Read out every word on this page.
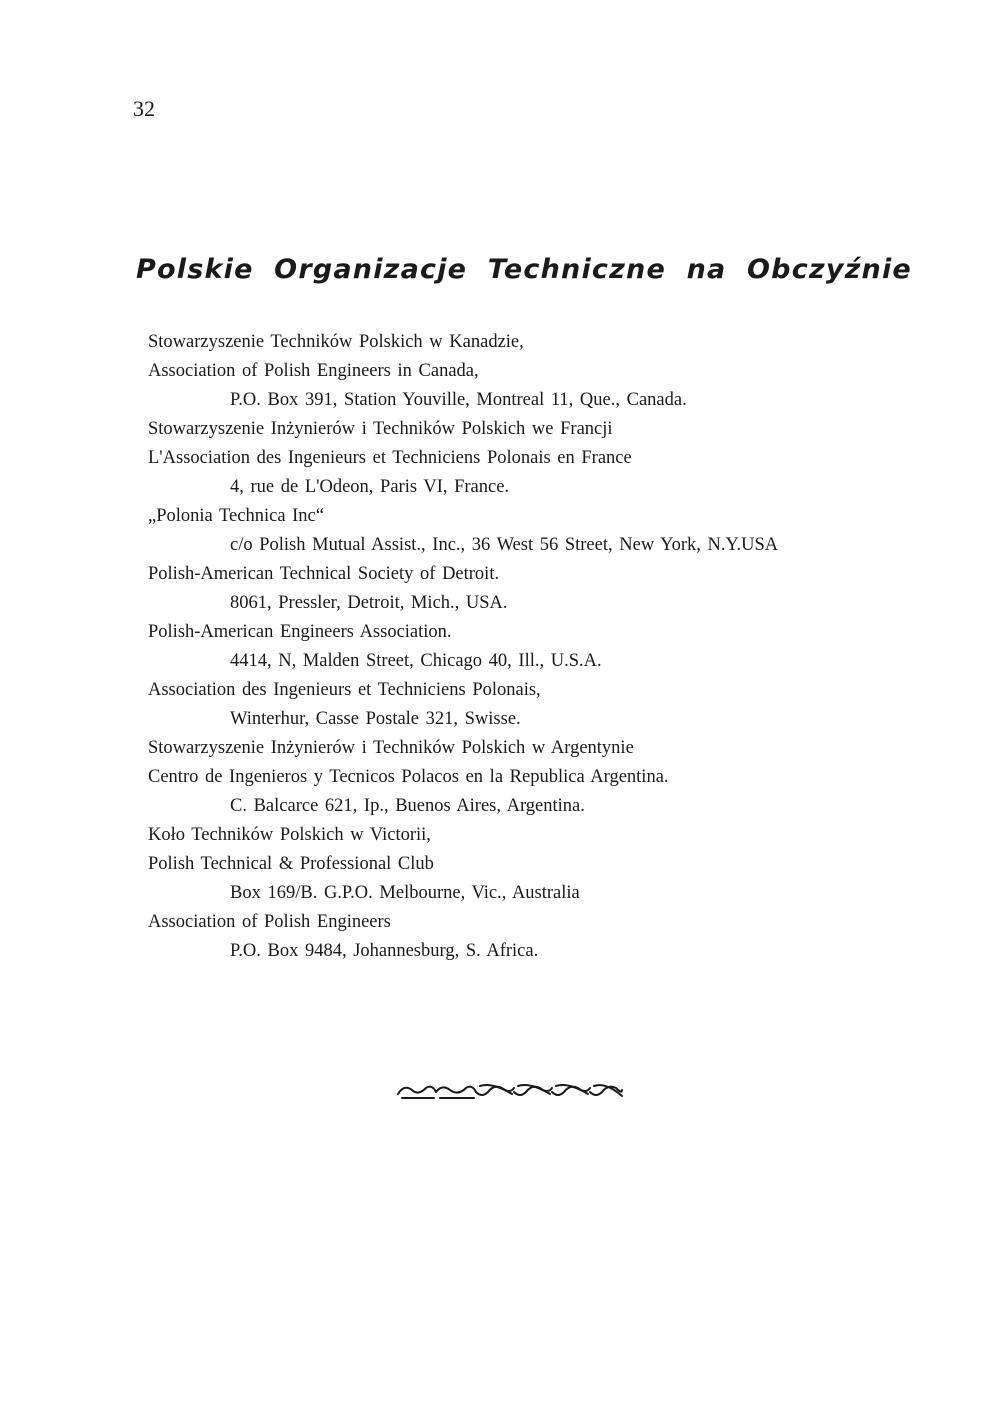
32
Polskie Organizacje Techniczne na Obczyźnie
Stowarzyszenie Techników Polskich w Kanadzie,
Association of Polish Engineers in Canada,
P.O. Box 391, Station Youville, Montreal 11, Que., Canada.
Stowarzyszenie Inżynierów i Techników Polskich we Francji
L'Association des Ingenieurs et Techniciens Polonais en France
4, rue de L'Odeon, Paris VI, France.
„Polonia Technica Inc“
c/o Polish Mutual Assist., Inc., 36 West 56 Street, New York, N.Y.USA
Polish-American Technical Society of Detroit.
8061, Pressler, Detroit, Mich., USA.
Polish-American Engineers Association.
4414, N, Malden Street, Chicago 40, Ill., U.S.A.
Association des Ingenieurs et Techniciens Polonais,
Winterhur, Casse Postale 321, Swisse.
Stowarzyszenie Inżynierów i Techników Polskich w Argentynie
Centro de Ingenieros y Tecnicos Polacos en la Republica Argentina.
C. Balcarce 621, Ip., Buenos Aires, Argentina.
Koło Techników Polskich w Victorii,
Polish Technical & Professional Club
Box 169/B. G.P.O. Melbourne, Vic., Australia
Association of Polish Engineers
P.O. Box 9484, Johannesburg, S. Africa.
